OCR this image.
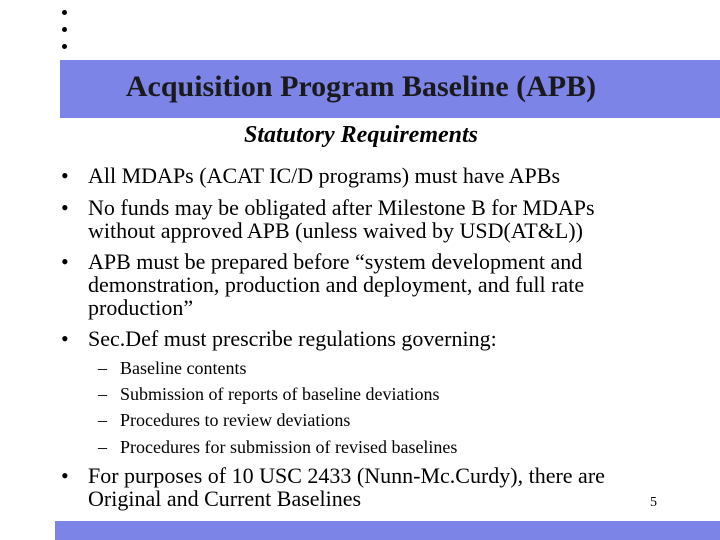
Acquisition Program Baseline (APB)
Statutory Requirements
• All MDAPs (ACAT IC/D programs) must have APBs
• No funds may be obligated after Milestone B for MDAPs
without approved APB (unless waived by USD(AT&L))
• APB must be prepared before “system development and
demonstration, production and deployment, and full rate
production”
• Sec.Def must prescribe regulations governing:
– Baseline contents
– Submission of reports of baseline deviations
– Procedures to review deviations
– Procedures for submission of revised baselines
• For purposes of 10 USC 2433 (Nunn-Mc.Curdy), there are
Original and Current Baselines	5
